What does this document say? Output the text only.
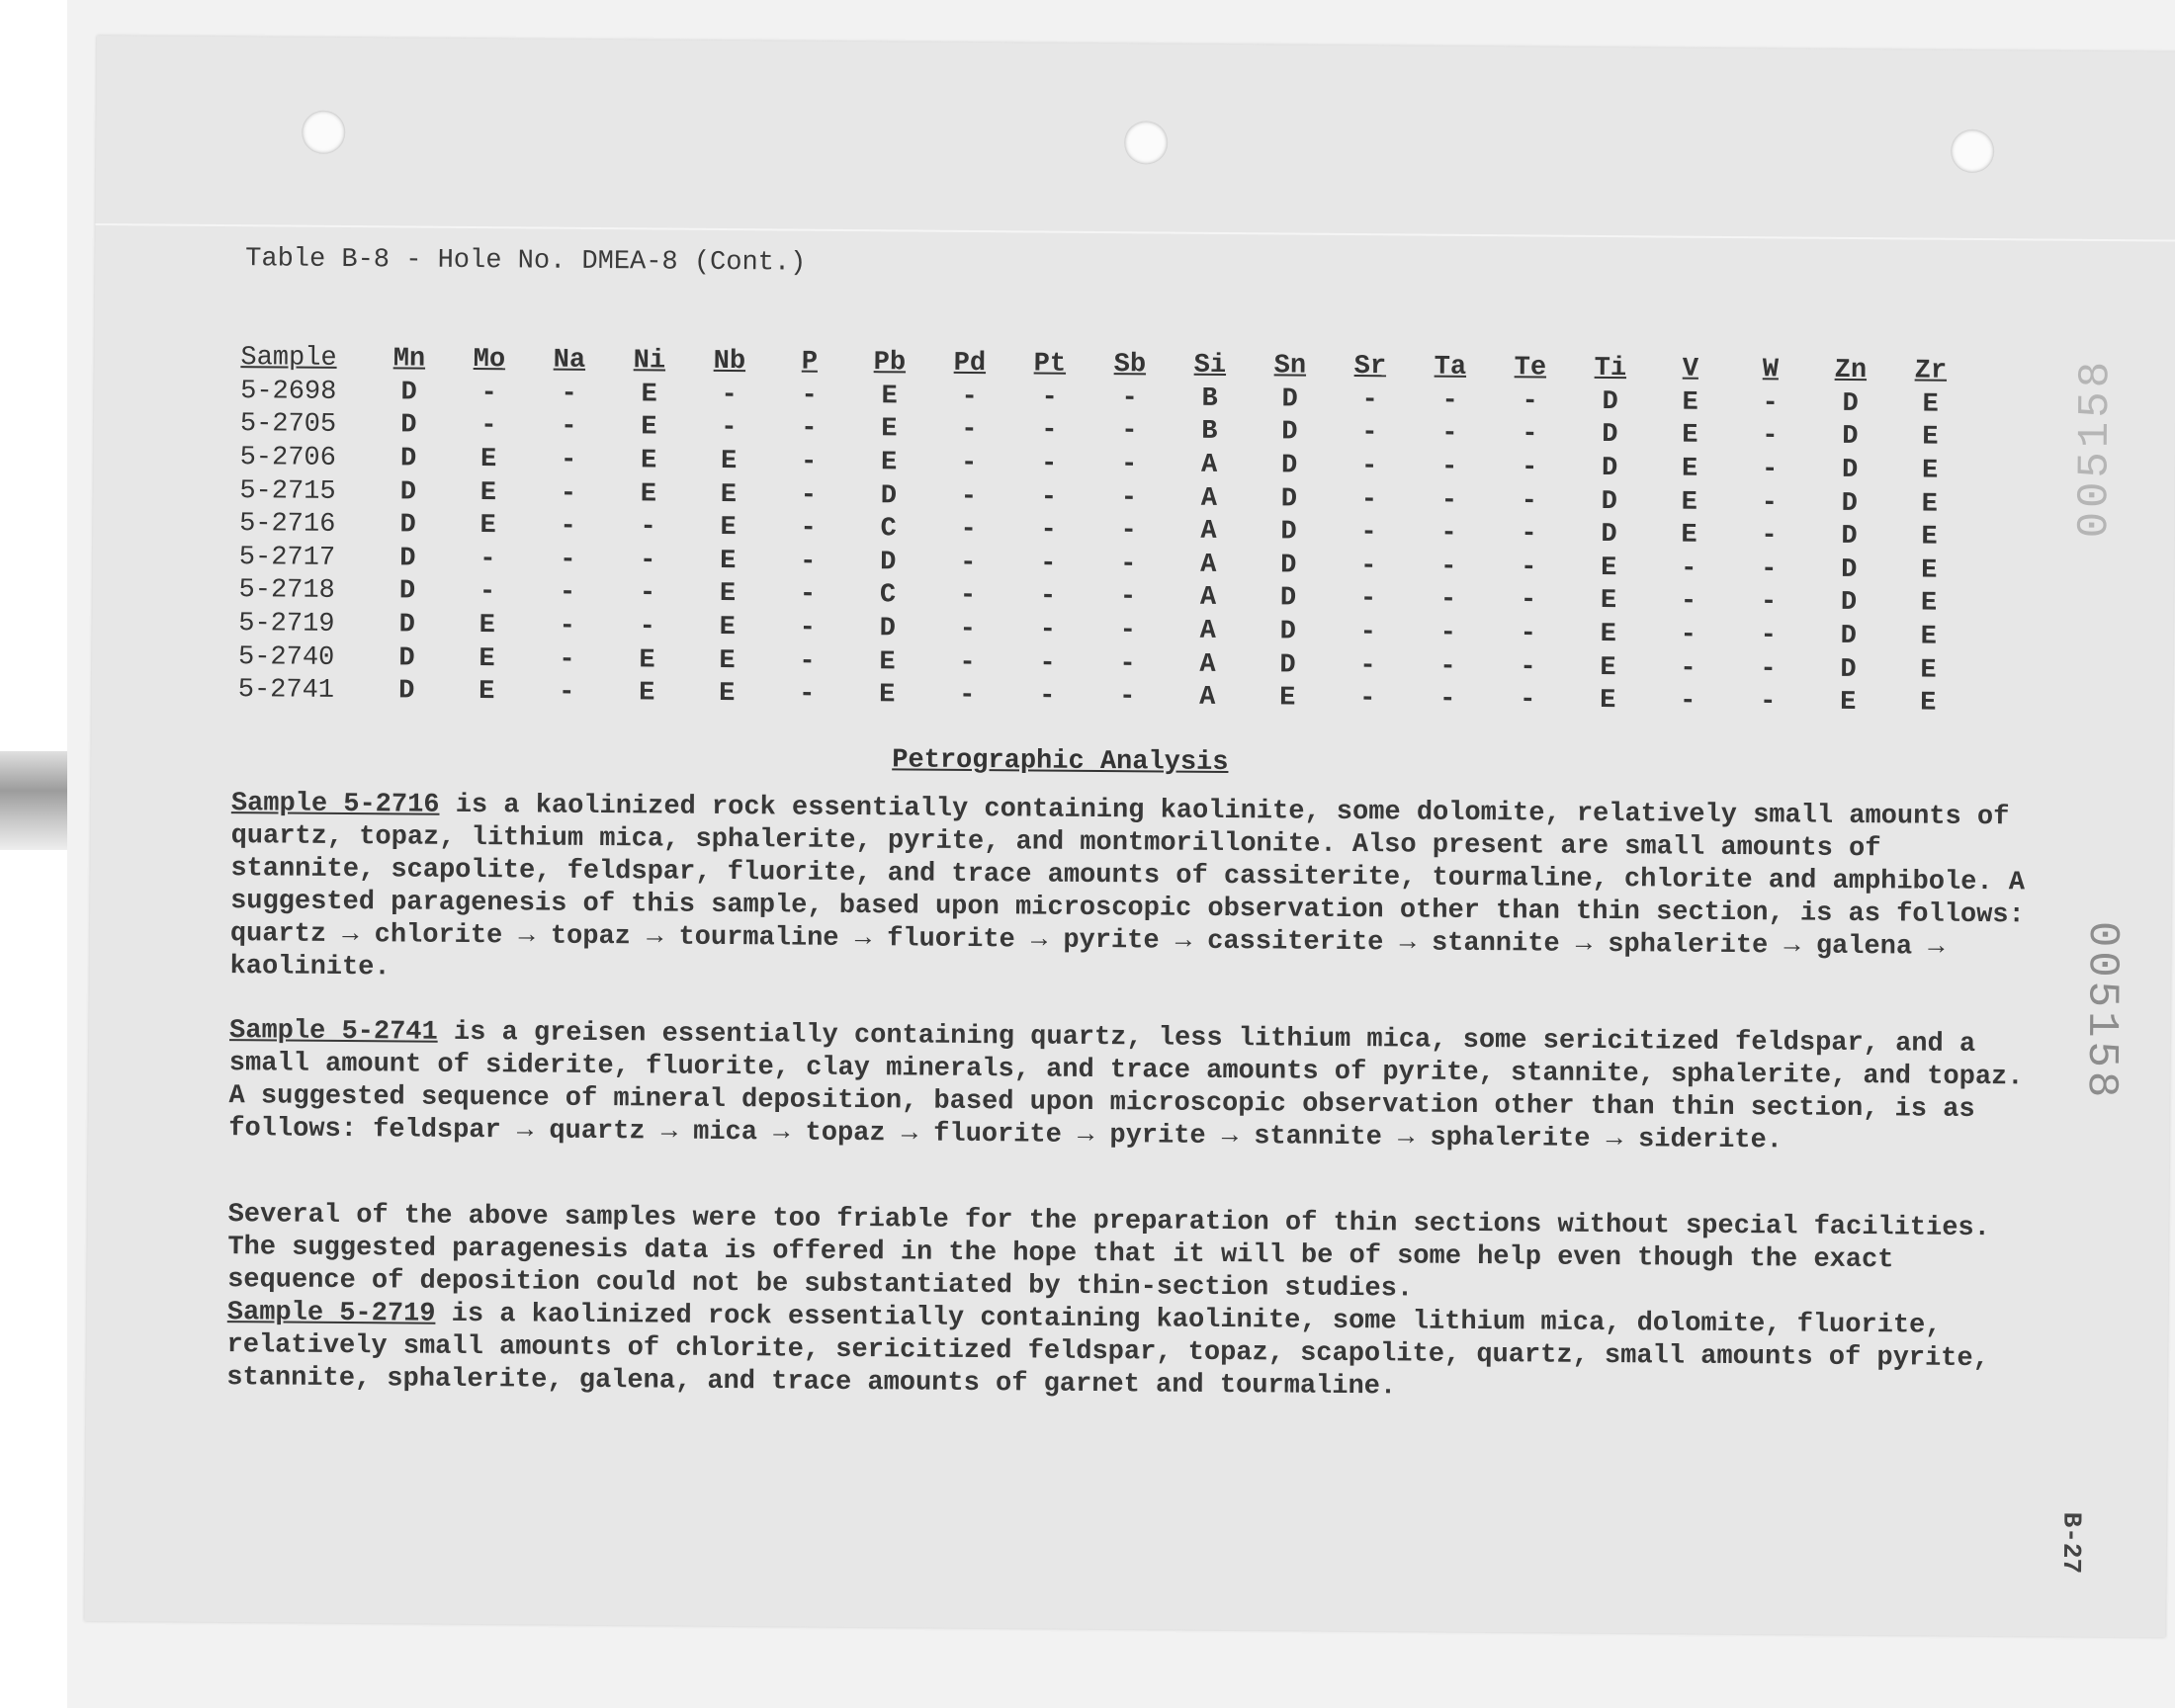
Table B-8 - Hole No. DMEA-8 (Cont.)
Sample	Mn	Mo	Na	Ni	Nb	P	Pb	Pd	Pt	Sb	Si	Sn	Sr	Ta	Te	Ti	V	W	Zn	Zr
5-2698	D	-	-	E	-	-	E	-	-	-	B	D	-	-	-	D	E	-	D	E
5-2705	D	-	-	E	-	-	E	-	-	-	B	D	-	-	-	D	E	-	D	E
5-2706	D	E	-	E	E	-	E	-	-	-	A	D	-	-	-	D	E	-	D	E
5-2715	D	E	-	E	E	-	D	-	-	-	A	D	-	-	-	D	E	-	D	E
5-2716	D	E	-	-	E	-	C	-	-	-	A	D	-	-	-	D	E	-	D	E
5-2717	D	-	-	-	E	-	D	-	-	-	A	D	-	-	-	E	-	-	D	E
5-2718	D	-	-	-	E	-	C	-	-	-	A	D	-	-	-	E	-	-	D	E
5-2719	D	E	-	-	E	-	D	-	-	-	A	D	-	-	-	E	-	-	D	E
5-2740	D	E	-	E	E	-	E	-	-	-	A	D	-	-	-	E	-	-	D	E
5-2741	D	E	-	E	E	-	E	-	-	-	A	E	-	-	-	E	-	-	E	E
Petrographic Analysis

Sample 5-2716 is a kaolinized rock essentially containing kaolinite, some dolomite, relatively small amounts of quartz, topaz, lithium mica, sphalerite, pyrite, and montmorillonite. Also present are small amounts of stannite, scapolite, feldspar, fluorite, and trace amounts of cassiterite, tourmaline, chlorite and amphibole. A suggested paragenesis of this sample, based upon microscopic observation other than thin section, is as follows: quartz → chlorite → topaz → tourmaline → fluorite → pyrite → cassiterite → stannite → sphalerite → galena → kaolinite.

Sample 5-2741 is a greisen essentially containing quartz, less lithium mica, some sericitized feldspar, and a small amount of siderite, fluorite, clay minerals, and trace amounts of pyrite, stannite, sphalerite, and topaz. A suggested sequence of mineral deposition, based upon microscopic observation other than thin section, is as follows: feldspar → quartz → mica → topaz → fluorite → pyrite → stannite → sphalerite → siderite.

Several of the above samples were too friable for the preparation of thin sections without special facilities. The suggested paragenesis data is offered in the hope that it will be of some help even though the exact sequence of deposition could not be substantiated by thin-section studies.

Sample 5-2719 is a kaolinized rock essentially containing kaolinite, some lithium mica, dolomite, fluorite, relatively small amounts of chlorite, sericitized feldspar, topaz, scapolite, quartz, small amounts of pyrite, stannite, sphalerite, galena, and trace amounts of garnet and tourmaline.

005158
005158
B-27
